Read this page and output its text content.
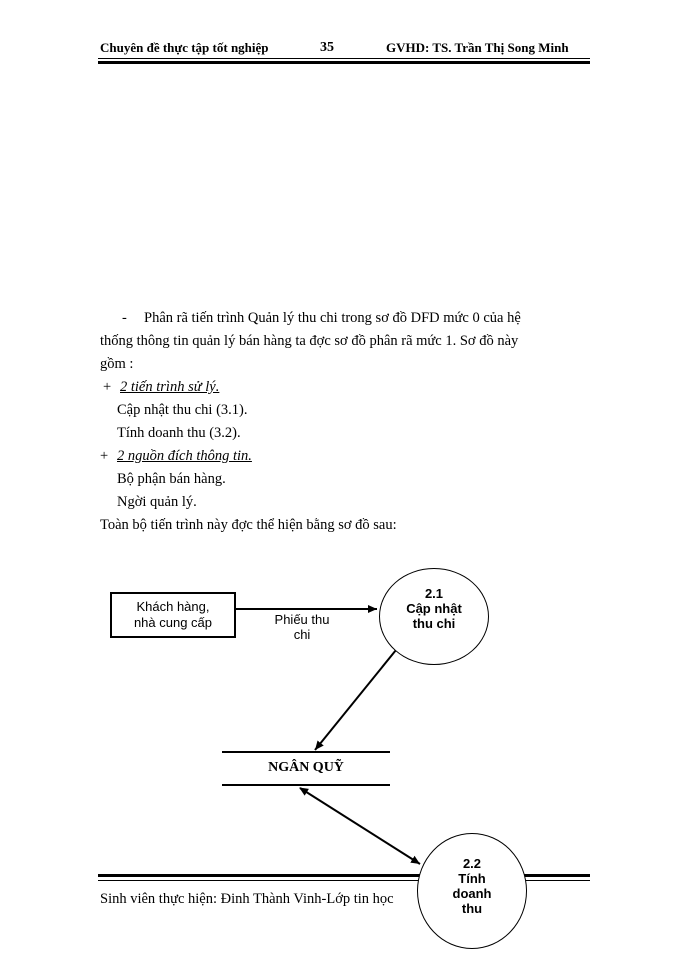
Chuyên đề thực tập tốt nghiệp	35	GVHD: TS. Trần Thị Song Minh
- Phân rã tiến trình Quản lý thu chi trong sơ đồ DFD mức 0 của hệ
thống thông tin quản lý bán hàng ta đợc sơ đồ phân rã mức 1. Sơ đồ này
gồm :
+ 2 tiến trình sử lý.
Cập nhật thu chi (3.1).
Tính doanh thu (3.2).
+ 2 nguồn đích thông tin.
Bộ phận bán hàng.
Ngời quản lý.
Toàn bộ tiến trình này đợc thể hiện bằng sơ đồ sau:
Khách hàng,
nhà cung cấp	Phiếu thu
chi
2.1
Cập nhật
thu chi
NGÂN QUỸ
Sinh viên thực hiện: Đinh Thành Vinh-Lớp tin học
2.2
Tính
doanh
thu
